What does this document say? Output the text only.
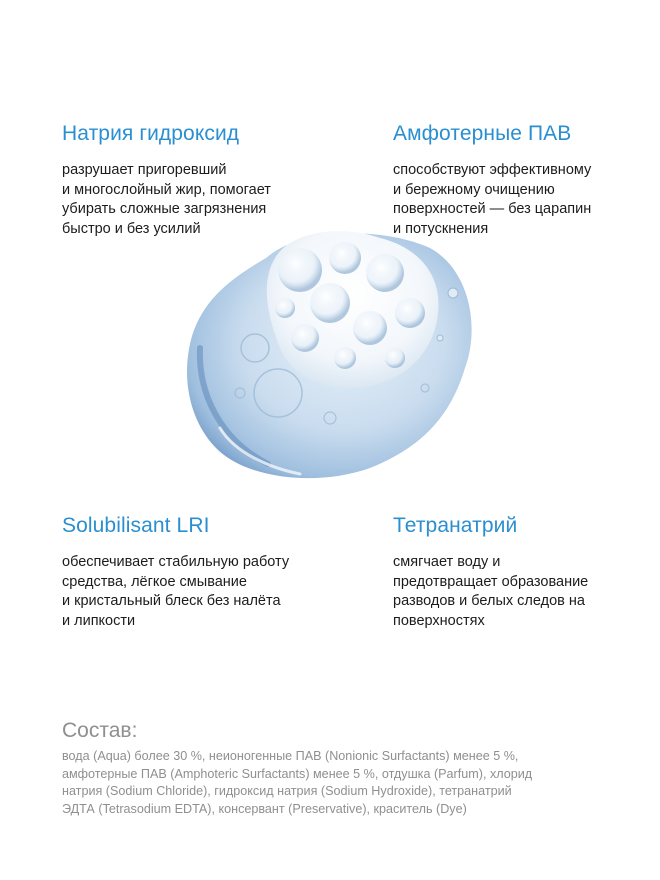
Натрия гидроксид
разрушает пригоревший
и многослойный жир, помогает
убирать сложные загрязнения
быстро и без усилий
Амфотерные ПАВ
способствуют эффективному
и бережному очищению
поверхностей — без царапин
и потускнения
Solubilisant LRI
обеспечивает стабильную работу
средства, лёгкое смывание
и кристальный блеск без налёта
и липкости
Тетранатрий
смягчает воду и
предотвращает образование
разводов и белых следов на
поверхностях
Состав:
вода (Aqua) более 30 %, неионогенные ПАВ (Nonionic Surfactants) менее 5 %,
амфотерные ПАВ (Amphoteric Surfactants) менее 5 %, отдушка (Parfum), хлорид
натрия (Sodium Chloride), гидроксид натрия (Sodium Hydroxide), тетранатрий
ЭДТА (Tetrasodium EDTA), консервант (Preservative), краситель (Dye)
